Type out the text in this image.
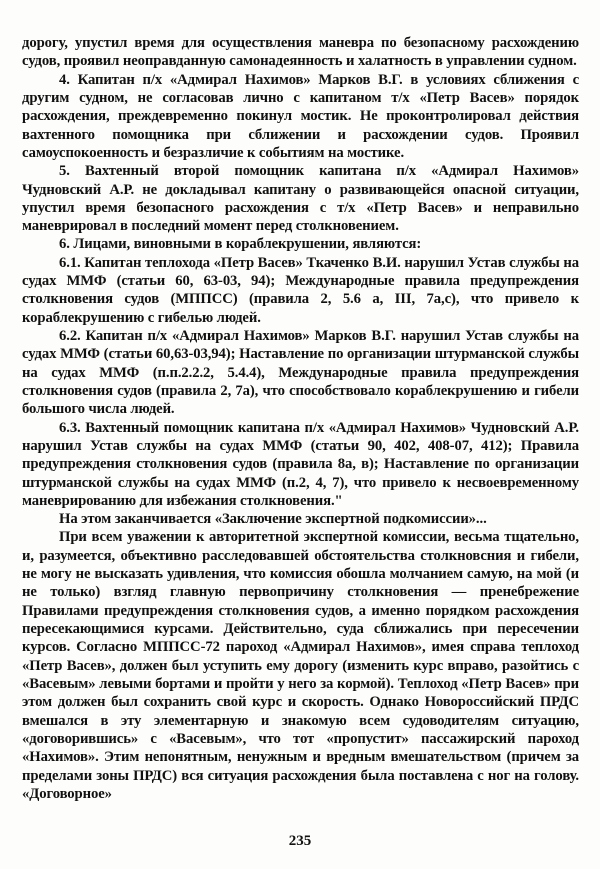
дорогу, упустил время для осуществления маневра по безопасному расхождению судов, проявил неоправданную самонадеянность и халатность в управлении судном.

4. Капитан п/х «Адмирал Нахимов» Марков В.Г. в условиях сближения с другим судном, не согласовав лично с капитаном т/х «Петр Васев» порядок расхождения, преждевременно покинул мостик. Не проконтролировал действия вахтенного помощника при сближении и расхождении судов. Проявил самоуспокоенность и безразличие к событиям на мостике.

5. Вахтенный второй помощник капитана п/х «Адмирал Нахимов» Чудновский А.Р. не докладывал капитану о развивающейся опасной ситуации, упустил время безопасного расхождения с т/х «Петр Васев» и неправильно маневрировал в последний момент перед столкновением.

6. Лицами, виновными в кораблекрушении, являются:

6.1. Капитан теплохода «Петр Васев» Ткаченко В.И. нарушил Устав службы на судах ММФ (статьи 60, 63-03, 94); Международные правила предупреждения столкновения судов (МППСС) (правила 2, 5.6 а, III, 7а,с), что привело к кораблекрушению с гибелью людей.

6.2. Капитан п/х «Адмирал Нахимов» Марков В.Г. нарушил Устав службы на судах ММФ (статьи 60,63-03,94); Наставление по организации штурманской службы на судах ММФ (п.п.2.2.2, 5.4.4), Международные правила предупреждения столкновения судов (правила 2, 7а), что способствовало кораблекрушению и гибели большого числа людей.

6.3. Вахтенный помощник капитана п/х «Адмирал Нахимов» Чудновский А.Р. нарушил Устав службы на судах ММФ (статьи 90, 402, 408-07, 412); Правила предупреждения столкновения судов (правила 8а, в); Наставление по организации штурманской службы на судах ММФ (п.2, 4, 7), что привело к несвоевременному маневрированию для избежания столкновения."

На этом заканчивается «Заключение экспертной подкомиссии»...

При всем уважении к авторитетной экспертной комиссии, весьма тщательно, и, разумеется, объективно расследовавшей обстоятельства столкновсния и гибели, не могу не высказать удивления, что комиссия обошла молчанием самую, на мой (и не только) взгляд главную первопричину столкновения — пренебрежение Правилами предупреждения столкновения судов, а именно порядком расхождения пересекающимися курсами. Действительно, суда сближались при пересечении курсов. Согласно МППСС-72 пароход «Адмирал Нахимов», имея справа теплоход «Петр Васев», должен был уступить ему дорогу (изменить курс вправо, разойтись с «Васевым» левыми бортами и пройти у него за кормой). Теплоход «Петр Васев» при этом должен был сохранить свой курс и скорость. Однако Новороссийский ПРДС вмешался в эту элементарную и знакомую всем судоводителям ситуацию, «договорившись» с «Васевым», что тот «пропустит» пассажирский пароход «Нахимов». Этим непонятным, ненужным и вредным вмешательством (причем за пределами зоны ПРДС) вся ситуация расхождения была поставлена с ног на голову. «Договорное»

235
